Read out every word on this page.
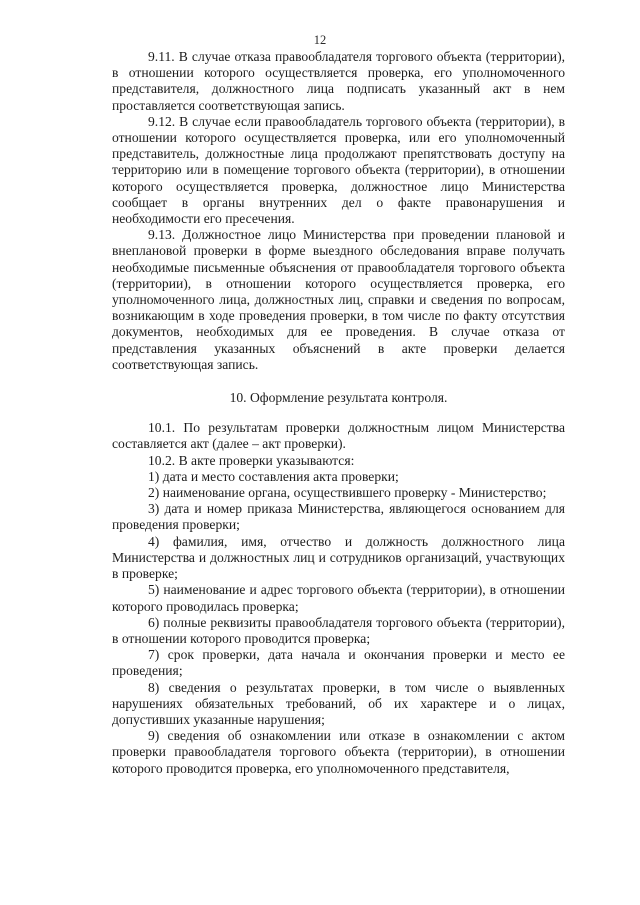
12

9.11. В случае отказа правообладателя торгового объекта (территории), в отношении которого осуществляется проверка, его уполномоченного представителя, должностного лица подписать указанный акт в нем проставляется соответствующая запись.

9.12. В случае если правообладатель торгового объекта (территории), в отношении которого осуществляется проверка, или его уполномоченный представитель, должностные лица продолжают препятствовать доступу на территорию или в помещение торгового объекта (территории), в отношении которого осуществляется проверка, должностное лицо Министерства сообщает в органы внутренних дел о факте правонарушения и необходимости его пресечения.

9.13. Должностное лицо Министерства при проведении плановой и внеплановой проверки в форме выездного обследования вправе получать необходимые письменные объяснения от правообладателя торгового объекта (территории), в отношении которого осуществляется проверка, его уполномоченного лица, должностных лиц, справки и сведения по вопросам, возникающим в ходе проведения проверки, в том числе по факту отсутствия документов, необходимых для ее проведения. В случае отказа от представления указанных объяснений в акте проверки делается соответствующая запись.

10. Оформление результата контроля.

10.1. По результатам проверки должностным лицом Министерства составляется акт (далее – акт проверки).

10.2. В акте проверки указываются:

1) дата и место составления акта проверки;

2) наименование органа, осуществившего проверку - Министерство;

3) дата и номер приказа Министерства, являющегося основанием для проведения проверки;

4) фамилия, имя, отчество и должность должностного лица Министерства и должностных лиц и сотрудников организаций, участвующих в проверке;

5) наименование и адрес торгового объекта (территории), в отношении которого проводилась проверка;

6) полные реквизиты правообладателя торгового объекта (территории), в отношении которого проводится проверка;

7) срок проверки, дата начала и окончания проверки и место ее проведения;

8) сведения о результатах проверки, в том числе о выявленных нарушениях обязательных требований, об их характере и о лицах, допустивших указанные нарушения;

9) сведения об ознакомлении или отказе в ознакомлении с актом проверки правообладателя торгового объекта (территории), в отношении которого проводится проверка, его уполномоченного представителя,
